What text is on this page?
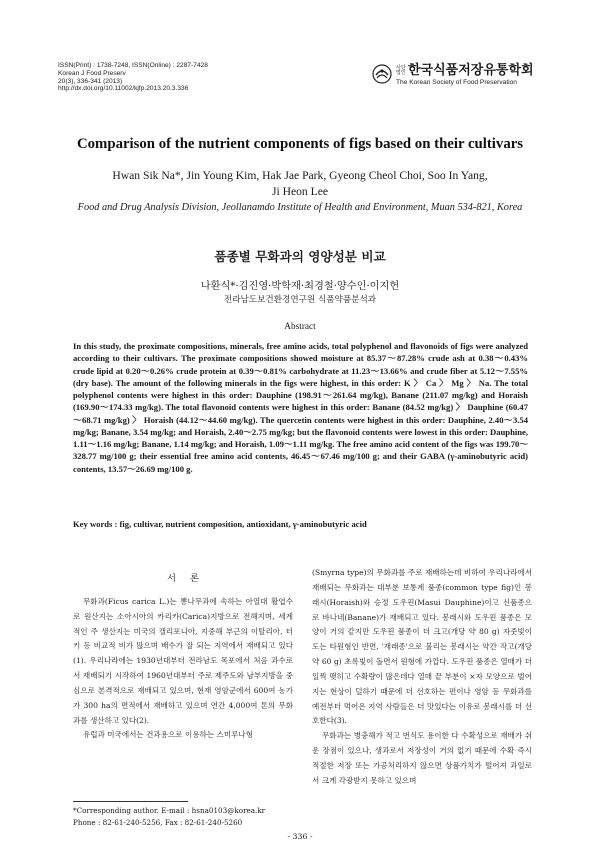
ISSN(Print) : 1738-7248, ISSN(Online) : 2287-7428
Korean J Food Preserv
20(3), 336-341 (2013)
http://dx.doi.org/10.11002/kjfp.2013.20.3.336
사단 법인 한국식품저장유통학회
The Korean Society of Food Preservation
Comparison of the nutrient components of figs based on their cultivars
Hwan Sik Na*, Jin Young Kim, Hak Jae Park, Gyeong Cheol Choi, Soo In Yang,
Ji Heon Lee
Food and Drug Analysis Division, Jeollanamdo Institute of Health and Environment, Muan 534-821, Korea
품종별 무화과의 영양성분 비교
나환식*·김진영·박학재·최경철·양수인·이지헌
전라남도보건환경연구원 식품약품분석과
Abstract
In this study, the proximate compositions, minerals, free amino acids, total polyphenol and flavonoids of figs were analyzed according to their cultivars. The proximate compositions showed moisture at 85.37～87.28% crude ash at 0.38～0.43% crude lipid at 0.20～0.26% crude protein at 0.39～0.81% carbohydrate at 11.23～13.66% and crude fiber at 5.12～7.55% (dry base). The amount of the following minerals in the figs were highest, in this order: K 〉 Ca 〉 Mg 〉 Na. The total polyphenol contents were highest in this order: Dauphine (198.91～261.64 mg/kg), Banane (211.07 mg/kg) and Horaish (169.90～174.33 mg/kg). The total flavonoid contents were highest in this order: Banane (84.52 mg/kg) 〉 Dauphine (60.47～68.71 mg/kg) 〉 Horaish (44.12～44.60 mg/kg). The quercetin contents were highest in this order: Dauphine, 2.40～3.54 mg/kg; Banane, 3.54 mg/kg; and Horaish, 2.40～2.75 mg/kg; but the flavonoid contents were lowest in this order: Dauphine, 1.11～1.16 mg/kg; Banane, 1.14 mg/kg; and Horaish, 1.09～1.11 mg/kg. The free amino acid content of the figs was 199.70～328.77 mg/100 g; their essential free amino acid contents, 46.45～67.46 mg/100 g; and their GABA (γ-aminobutyric acid) contents, 13.57～26.69 mg/100 g.
Key words : fig, cultivar, nutrient composition, antioxidant, γ-aminobutyric acid
서론

무화과(Ficus carica L.)는 뽕나무과에 속하는 아열대 활엽수로 원산지는 소아시아의 카리카(Carica)지방으로 전해지며, 세계적인 주 생산지는 미국의 캘리포니아, 지중해 부근의 이탈리아, 터키 등 비교적 비가 많으며 배수가 잘 되는 지역에서 재배되고 있다(1). 우리나라에는 1930년대부터 전라남도 목포에서 처음 과수로서 재배되기 시작하여 1960년대부터 주로 제주도와 남부지방을 중심으로 본격적으로 재배되고 있으며, 현재 영암군에서 600여 농가가 300 ha의 면적에서 재배하고 있으며 연간 4,000여 톤의 무화과를 생산하고 있다(2).

유럽과 미국에서는 건과용으로 이용하는 스미루나형

(Smyrna type)의 무화과를 주로 재배하는데 비하여 우리나라에서 재배되는 무화과는 대부분 보통계 품종(common type fig)인 봉래시(Horaish)와 승정 도우핀(Masui Dauphine)이고 신품종으로 바나네(Banane)가 재배되고 있다. 봉래시와 도우핀 품종은 모양이 거의 같지만 도우핀 품종이 더 크고(개당 약 80 g) 자줏빛이 도는 타원형인 반면, '재래종'으로 불리는 봉래시는 약간 작고(개당 약 60 g) 초록빛이 돌면서 원형에 가깝다. 도우핀 품종은 열매가 더 일찍 맺히고 수확량이 많은데다 열매 끝 부분이 ×자 모양으로 벌어지는 현상이 덜하기 때문에 더 선호하는 편이나 영암 등 무화과를 예전부터 먹어온 지역 사람들은 더 맛있다는 이유로 봉래시를 더 선호한다(3).

무화과는 병충해가 적고 번식도 용이한 다 수확성으로 재배가 쉬운 장점이 있으나, 생과로서 저장성이 거의 없기 때문에 수확 즉시 적절한 저장 또는 가공처리하지 않으면 상품가치가 떨어져 과일로서 크게 각광받지 못하고 있으며

*Corresponding author. E-mail : hsna0103@korea.kr
Phone : 82-61-240-5256, Fax : 82-61-240-5260
- 336 -
